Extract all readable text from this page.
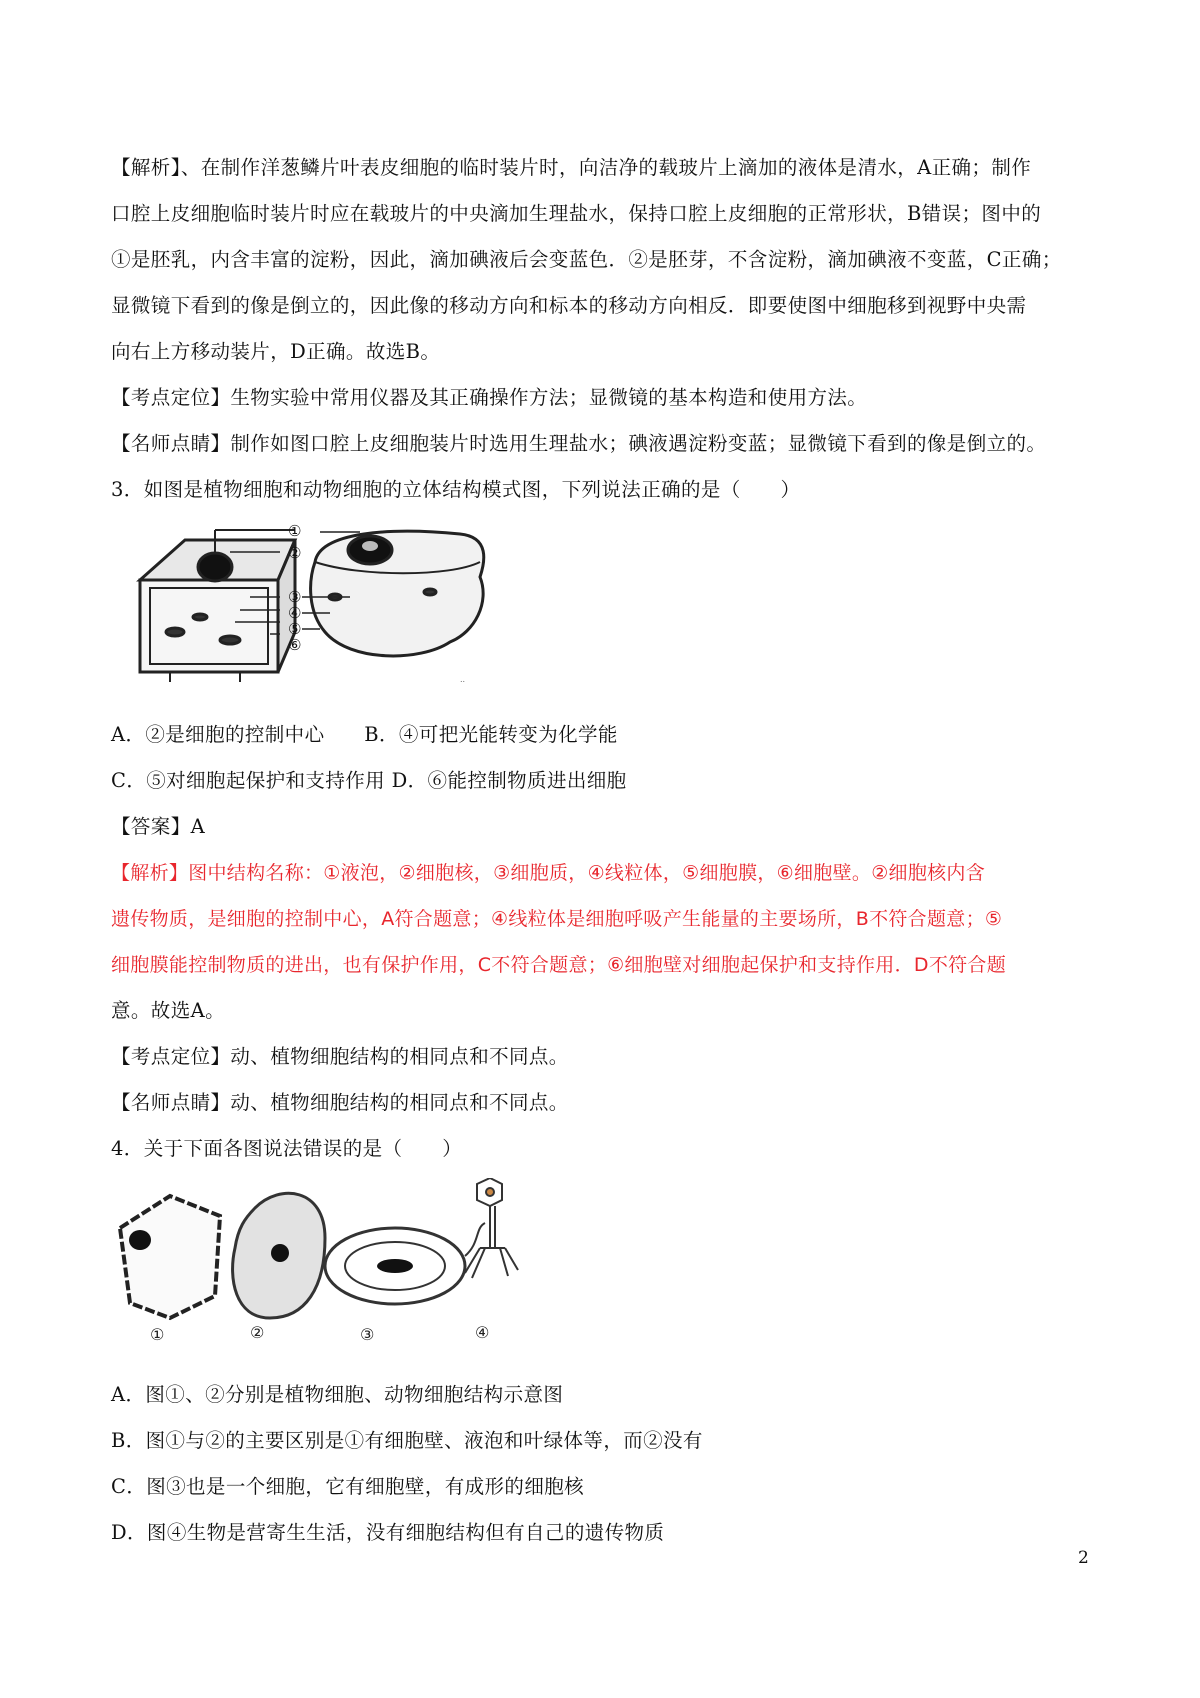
【解析】、在制作洋葱鳞片叶表皮细胞的临时装片时，向洁净的载玻片上滴加的液体是清水，A正确；制作
口腔上皮细胞临时装片时应在载玻片的中央滴加生理盐水，保持口腔上皮细胞的正常形状，B错误；图中的
①是胚乳，内含丰富的淀粉，因此，滴加碘液后会变蓝色．②是胚芽，不含淀粉，滴加碘液不变蓝，C正确；
显微镜下看到的像是倒立的，因此像的移动方向和标本的移动方向相反．即要使图中细胞移到视野中央需
向右上方移动装片，D正确。故选B。
【考点定位】生物实验中常用仪器及其正确操作方法；显微镜的基本构造和使用方法。
【名师点睛】制作如图口腔上皮细胞装片时选用生理盐水；碘液遇淀粉变蓝；显微镜下看到的像是倒立的。
3．如图是植物细胞和动物细胞的立体结构模式图，下列说法正确的是（　　）
①
②
③
④
⑤
⑥
..
A．②是细胞的控制中心　　B．④可把光能转变为化学能
C．⑤对细胞起保护和支持作用 D．⑥能控制物质进出细胞
【答案】A
【解析】图中结构名称：①液泡，②细胞核，③细胞质，④线粒体，⑤细胞膜，⑥细胞壁。②细胞核内含
遗传物质，是细胞的控制中心，A符合题意；④线粒体是细胞呼吸产生能量的主要场所，B不符合题意；⑤
细胞膜能控制物质的进出，也有保护作用，C不符合题意；⑥细胞壁对细胞起保护和支持作用．D不符合题
意。故选A。
【考点定位】动、植物细胞结构的相同点和不同点。
【名师点睛】动、植物细胞结构的相同点和不同点。
4．关于下面各图说法错误的是（　　）
①	②	③	④
A．图①、②分别是植物细胞、动物细胞结构示意图
B．图①与②的主要区别是①有细胞壁、液泡和叶绿体等，而②没有
C．图③也是一个细胞，它有细胞壁，有成形的细胞核
D．图④生物是营寄生生活，没有细胞结构但有自己的遗传物质
2
